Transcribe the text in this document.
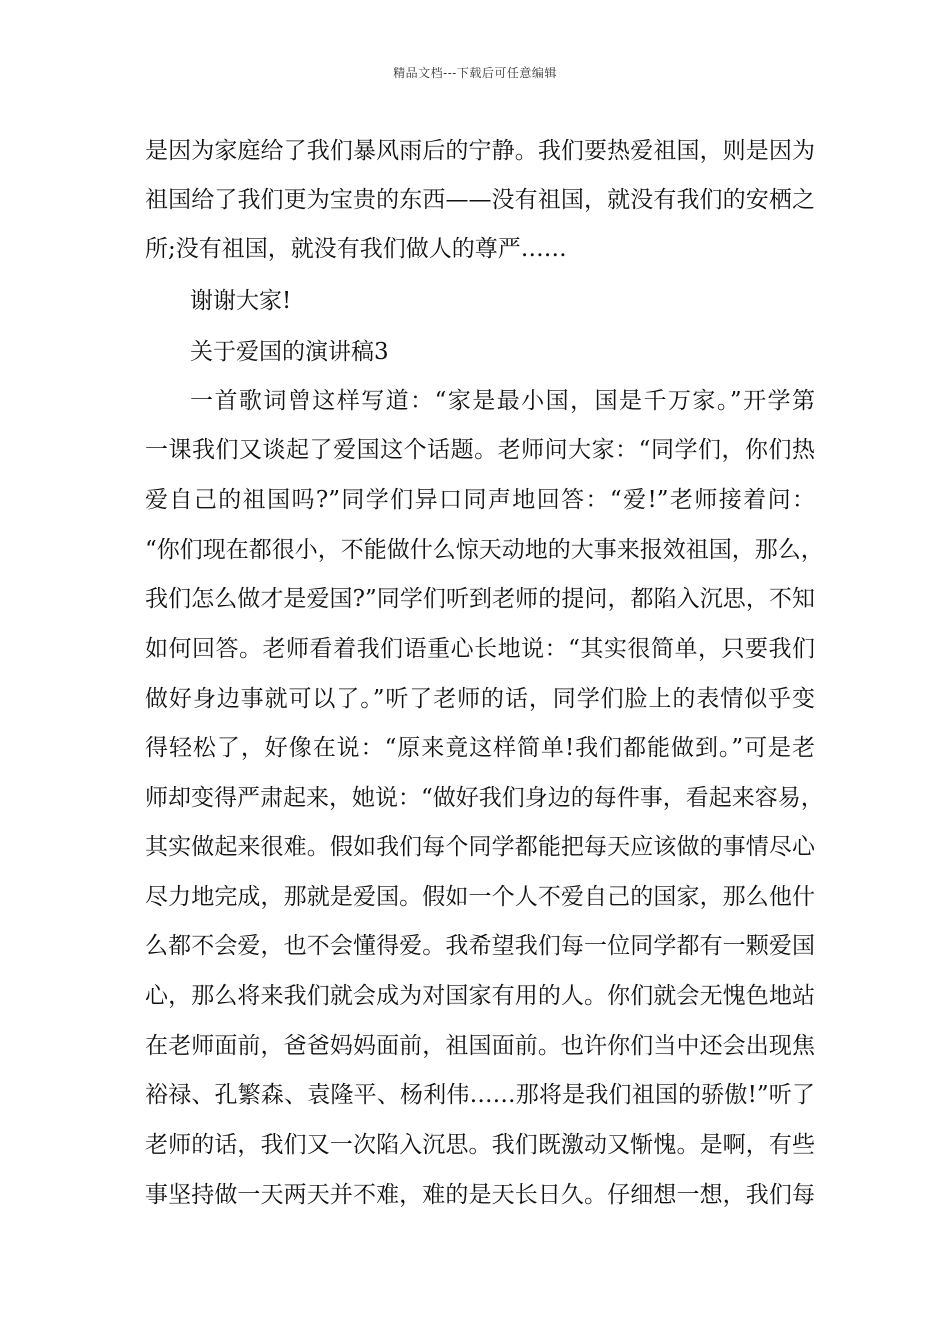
精品文档---下载后可任意编辑
是因为家庭给了我们暴风雨后的宁静。我们要热爱祖国，则是因为
祖国给了我们更为宝贵的东西——没有祖国，就没有我们的安栖之
所;没有祖国，就没有我们做人的尊严……
谢谢大家!
关于爱国的演讲稿3
一首歌词曾这样写道：“家是最小国，国是千万家。”开学第
一课我们又谈起了爱国这个话题。老师问大家：“同学们，你们热
爱自己的祖国吗?”同学们异口同声地回答：“爱!”老师接着问：
“你们现在都很小，不能做什么惊天动地的大事来报效祖国，那么，
我们怎么做才是爱国?”同学们听到老师的提问，都陷入沉思，不知
如何回答。老师看着我们语重心长地说：“其实很简单，只要我们
做好身边事就可以了。”听了老师的话，同学们脸上的表情似乎变
得轻松了，好像在说：“原来竟这样简单!我们都能做到。”可是老
师却变得严肃起来，她说：“做好我们身边的每件事，看起来容易，
其实做起来很难。假如我们每个同学都能把每天应该做的事情尽心
尽力地完成，那就是爱国。假如一个人不爱自己的国家，那么他什
么都不会爱，也不会懂得爱。我希望我们每一位同学都有一颗爱国
心，那么将来我们就会成为对国家有用的人。你们就会无愧色地站
在老师面前，爸爸妈妈面前，祖国面前。也许你们当中还会出现焦
裕禄、孔繁森、袁隆平、杨利伟……那将是我们祖国的骄傲!”听了
老师的话，我们又一次陷入沉思。我们既激动又惭愧。是啊，有些
事坚持做一天两天并不难，难的是天长日久。仔细想一想，我们每
